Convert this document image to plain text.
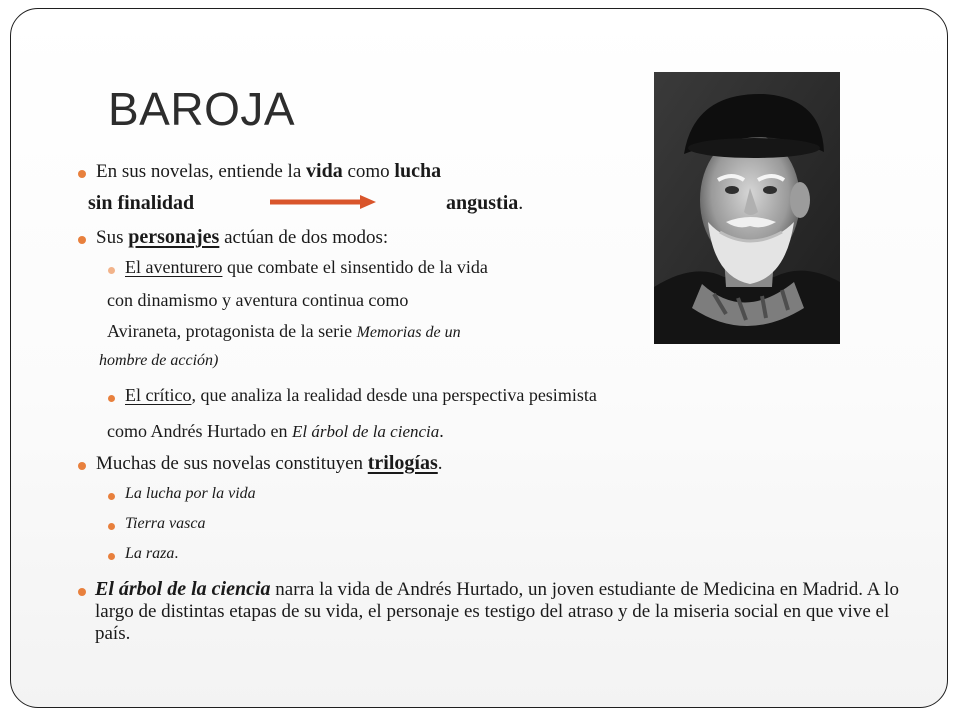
BAROJA
En sus novelas, entiende la vida como lucha
sin finalidad	angustia.
Sus personajes actúan de dos modos:
El aventurero que combate el sinsentido de la vida
con dinamismo y aventura continua como
Aviraneta, protagonista de la serie Memorias de un
hombre de acción)
El crítico, que analiza la realidad desde una perspectiva pesimista
como Andrés Hurtado en El árbol de la ciencia.
Muchas de sus novelas constituyen trilogías.
La lucha por la vida
Tierra vasca
La raza.
El árbol de la ciencia narra la vida de Andrés Hurtado, un joven estudiante de Medicina en Madrid. A lo largo de distintas etapas de su vida, el personaje es testigo del atraso y de la miseria social en que vive el país.
